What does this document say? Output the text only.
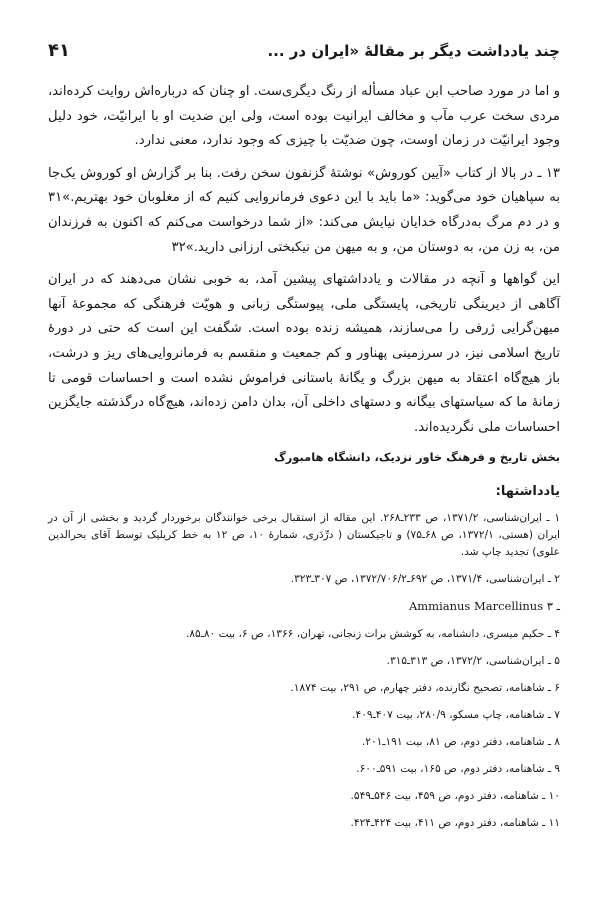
چند یادداشت دیگر بر مقالهٔ «ایران در ...
۴۱

و اما در مورد صاحب ابن عباد مسأله از رنگ دیگری‌ست. او چنان که درباره‌اش روایت کرده‌اند، مردی سخت عرب مآب و مخالف ایرانیت بوده است، ولی این ضدیت او با ایرانیّت، خود دلیل وجود ایرانیّت در زمان اوست، چون ضدیّت با چیزی که وجود ندارد، معنی ندارد.

۱۳ ـ در بالا از کتاب «آیین کوروش» نوشتهٔ گزنفون سخن رفت. بنا بر گزارش او کوروش یک‌جا به سپاهیان خود می‌گوید: «ما باید با این دعوی فرمانروایی کنیم که از مغلوبان خود بهتریم.»۳۱ و در دم مرگ به‌درگاه خدایان نیایش می‌کند: «از شما درخواست می‌کنم که اکنون به فرزندان من، به زن من، به دوستان من، و به میهن من نیکبختی ارزانی دارید.»۳۲

این گواهها و آنچه در مقالات و یادداشتهای پیشین آمد، به خوبی نشان می‌دهند که در ایران آگاهی از دیرینگی تاریخی، پایستگی ملی، پیوستگی زبانی و هویّت فرهنگی که مجموعهٔ آنها میهن‌گرایی ژرفی را می‌سازند، همیشه زنده بوده است. شگفت این است که حتی در دورهٔ تاریخ اسلامی نیز، در سرزمینی پهناور و کم جمعیت و منقسم به فرمانروایی‌های ریز و درشت، باز هیچ‌گاه اعتقاد به میهن بزرگ و یگانهٔ باستانی فراموش نشده است و احساسات قومی تا زمانهٔ ما که سیاستهای بیگانه و دستهای داخلی آن، بدان دامن زده‌اند، هیچ‌گاه درگذشته جایگزین احساسات ملی نگردیده‌اند.

بخش تاریخ و فرهنگ خاور نزدیک، دانشگاه هامبورگ
یادداشتها:
۱ ـ ایران‌شناسی، ۱۳۷۱/۲، ص ۲۳۳ـ۲۶۸. این مقاله از استقبال برخی خوانندگان برخوردار گردید و بخشی از آن در ایران (هستی، ۱۳۷۲/۱، ص ۶۸ـ۷۵) و تاجیکستان ( درِّدَری، شمارهٔ ۱۰، ص ۱۲ به خط کریلیک توسط آقای بحرالدین علوی) تجدید چاپ شد.
۲ ـ ایران‌شناسی، ۱۳۷۱/۴، ص ۶۹۲ـ۱۳۷۲/۷۰۶/۲، ص ۳۰۷ـ۳۲۳.
Ammianus Marcellinus ـ ۳
۴ ـ حکیم میسری، دانشنامه، به کوشش برات زنجانی، تهران، ۱۳۶۶، ص ۶، بیت ۸۰ـ۸۵.
۵ ـ ایران‌شناسی، ۱۳۷۲/۲، ص ۳۱۳ـ۳۱۵.
۶ ـ شاهنامه، تصحیح نگارنده، دفتر چهارم، ص ۲۹۱، بیت ۱۸۷۴.
۷ ـ شاهنامه، چاپ مسکو، ۲۸۰/۹، بیت ۴۰۷ـ۴۰۹.
۸ ـ شاهنامه، دفتر دوم، ص ۸۱، بیت ۱۹۱ـ۲۰۱.
۹ ـ شاهنامه، دفتر دوم، ص ۱۶۵، بیت ۵۹۱ـ۶۰۰.
۱۰ ـ شاهنامه، دفتر دوم، ص ۴۵۹، بیت ۵۴۶ـ۵۴۹.
۱۱ ـ شاهنامه، دفتر دوم، ص ۴۱۱، بیت ۴۲۴ـ۴۲۴.
